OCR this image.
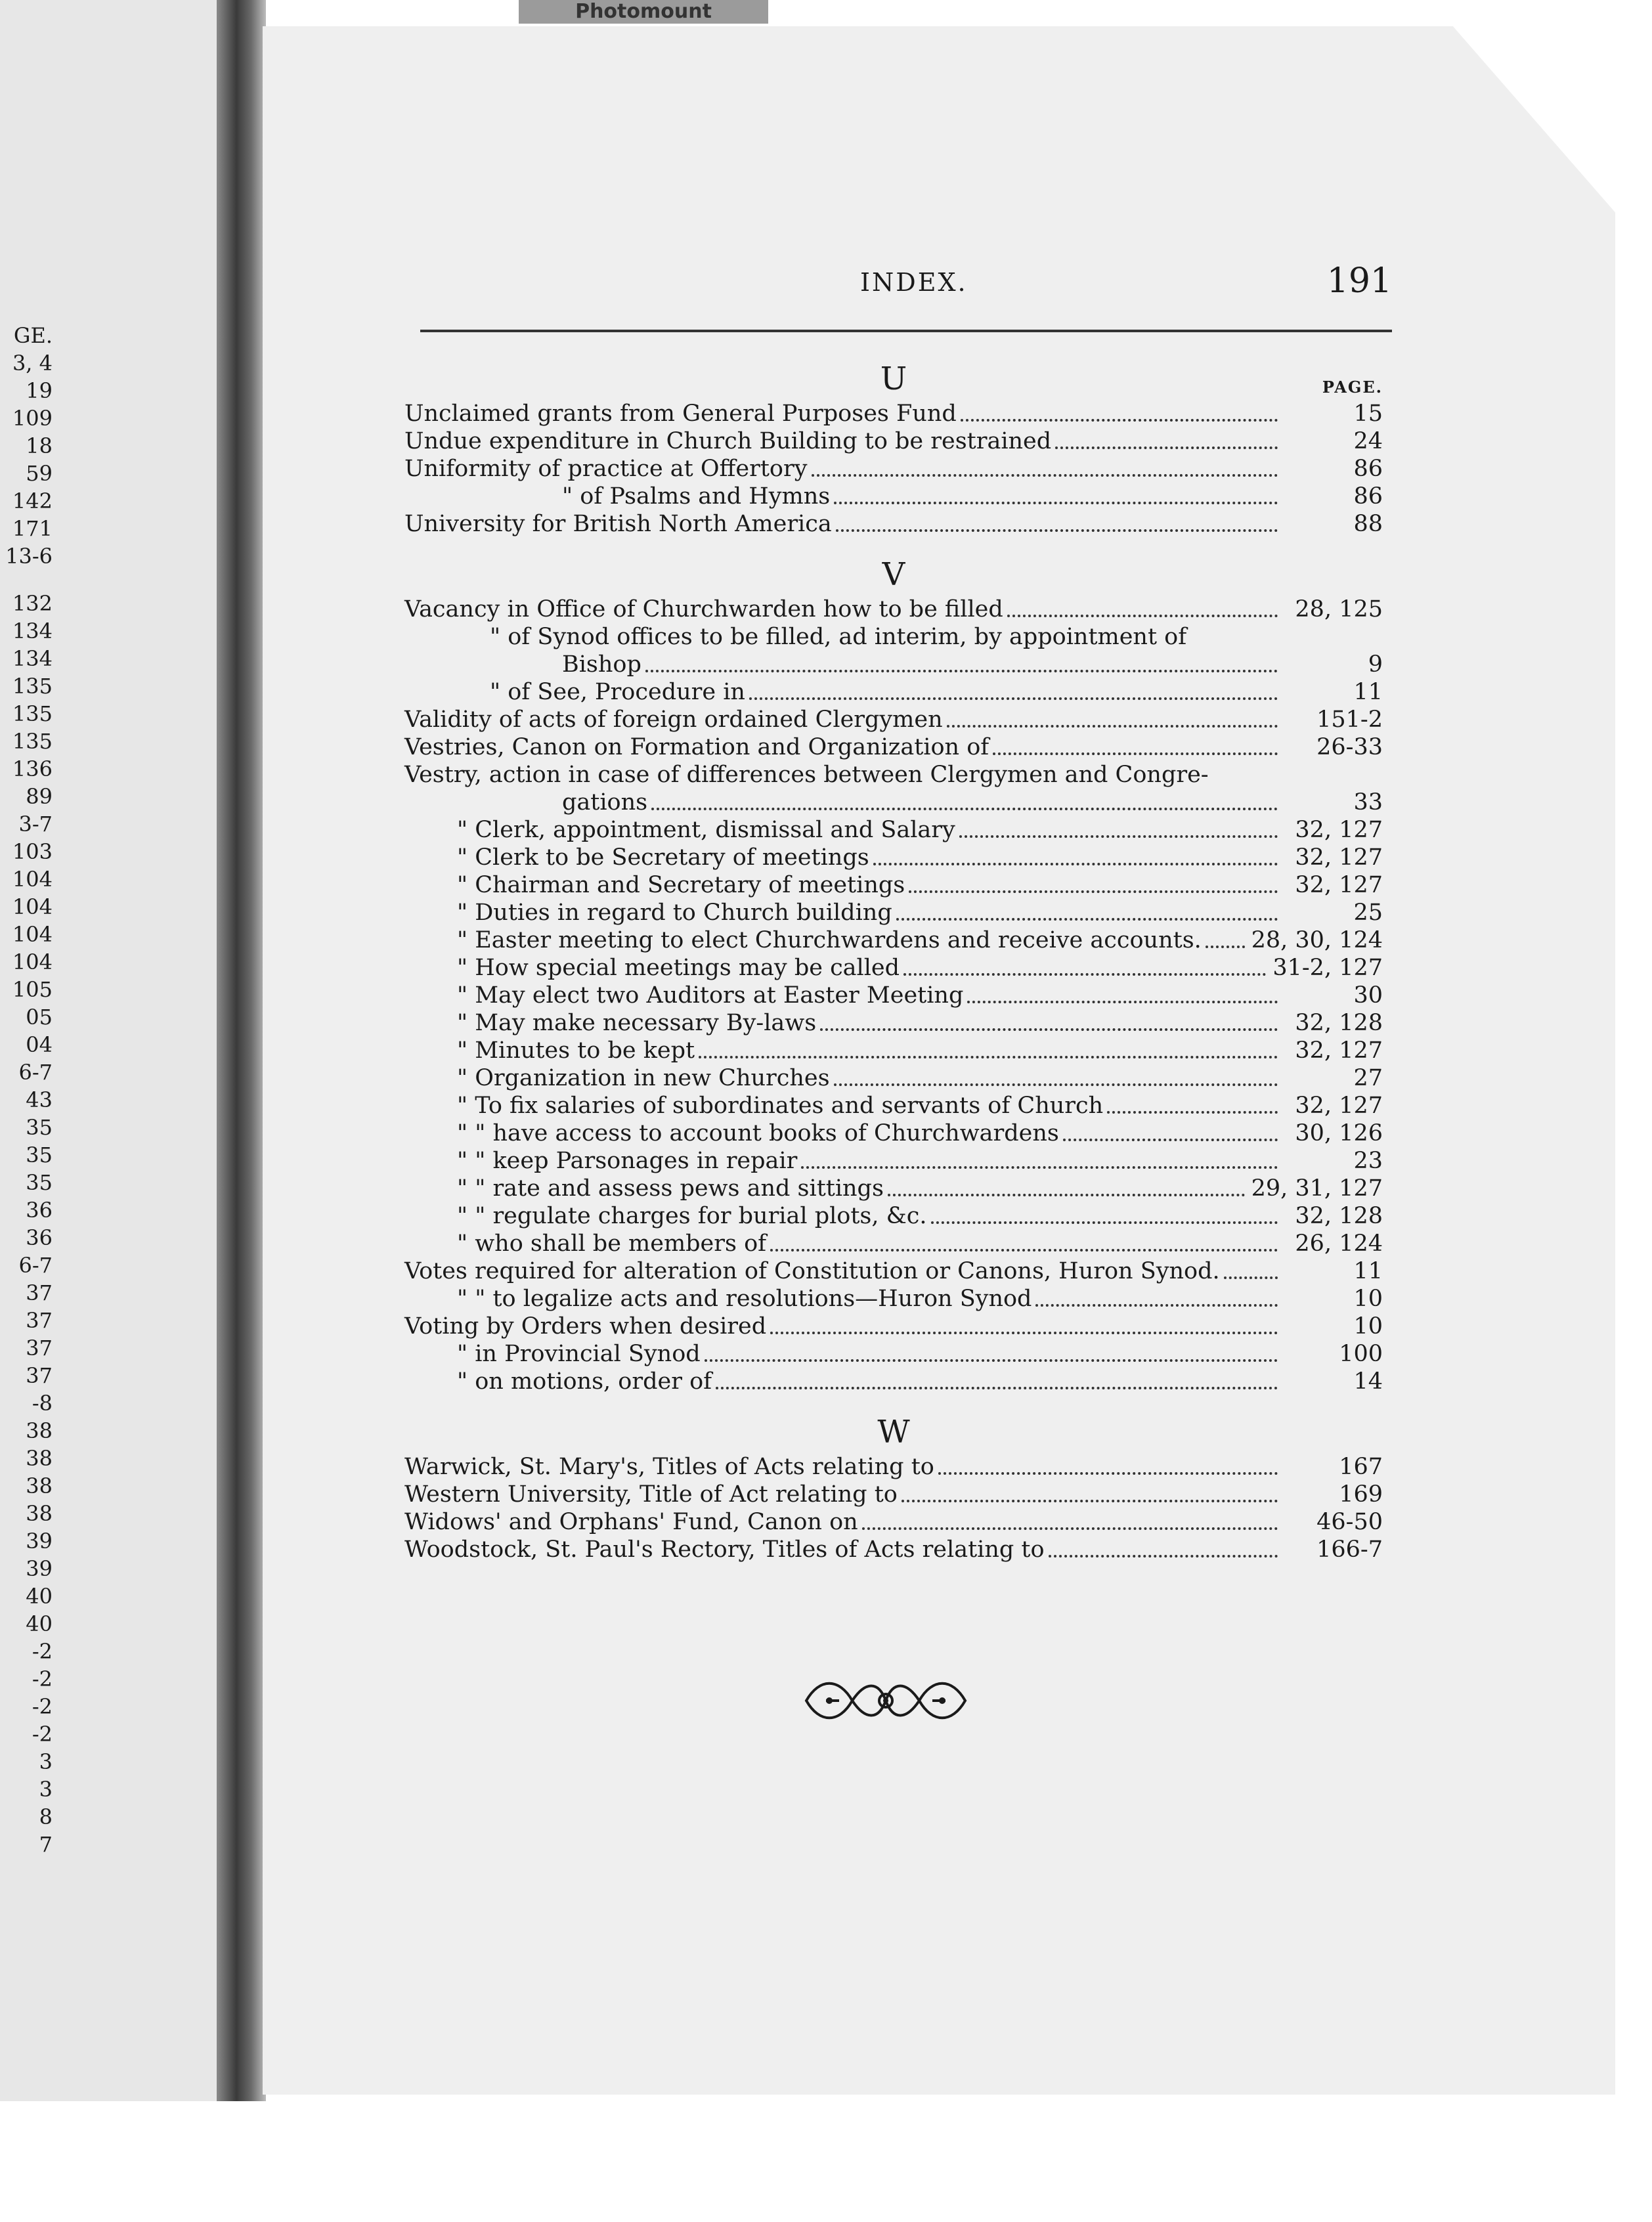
Photomount
GE.
3, 4
19
109
18
59
142
171
13-6
132
134
134
135
135
135
136
89
3-7
103
104
104
104
104
105
05
04
6-7
43
35
35
35
36
36
6-7
37
37
37
37
-8
38
38
38
38
39
39
40
40
-2
-2
-2
-2
3
3
8
7
INDEX.	191
PAGE.
U
Unclaimed grants from General Purposes Fund	15
Undue expenditure in Church Building to be restrained	24
Uniformity of practice at Offertory	86
" of Psalms and Hymns	86
University for British North America	88
V
Vacancy in Office of Churchwarden how to be filled	28, 125
" of Synod offices to be filled, ad interim, by appointment of
Bishop	9
" of See, Procedure in	11
Validity of acts of foreign ordained Clergymen	151-2
Vestries, Canon on Formation and Organization of	26-33
Vestry, action in case of differences between Clergymen and Congre-
gations	33
" Clerk, appointment, dismissal and Salary	32, 127
" Clerk to be Secretary of meetings	32, 127
" Chairman and Secretary of meetings	32, 127
" Duties in regard to Church building	25
" Easter meeting to elect Churchwardens and receive accounts. 28, 30, 124
" How special meetings may be called	31-2, 127
" May elect two Auditors at Easter Meeting	30
" May make necessary By-laws	32, 128
" Minutes to be kept	32, 127
" Organization in new Churches	27
" To fix salaries of subordinates and servants of Church	32, 127
" " have access to account books of Churchwardens	30, 126
" " keep Parsonages in repair	23
" " rate and assess pews and sittings	29, 31, 127
" " regulate charges for burial plots, &c.	32, 128
" who shall be members of	26, 124
Votes required for alteration of Constitution or Canons, Huron Synod.	11
" " to legalize acts and resolutions—Huron Synod	10
Voting by Orders when desired	10
" in Provincial Synod	100
" on motions, order of	14
W
Warwick, St. Mary's, Titles of Acts relating to	167
Western University, Title of Act relating to	169
Widows' and Orphans' Fund, Canon on	46-50
Woodstock, St. Paul's Rectory, Titles of Acts relating to	166-7
